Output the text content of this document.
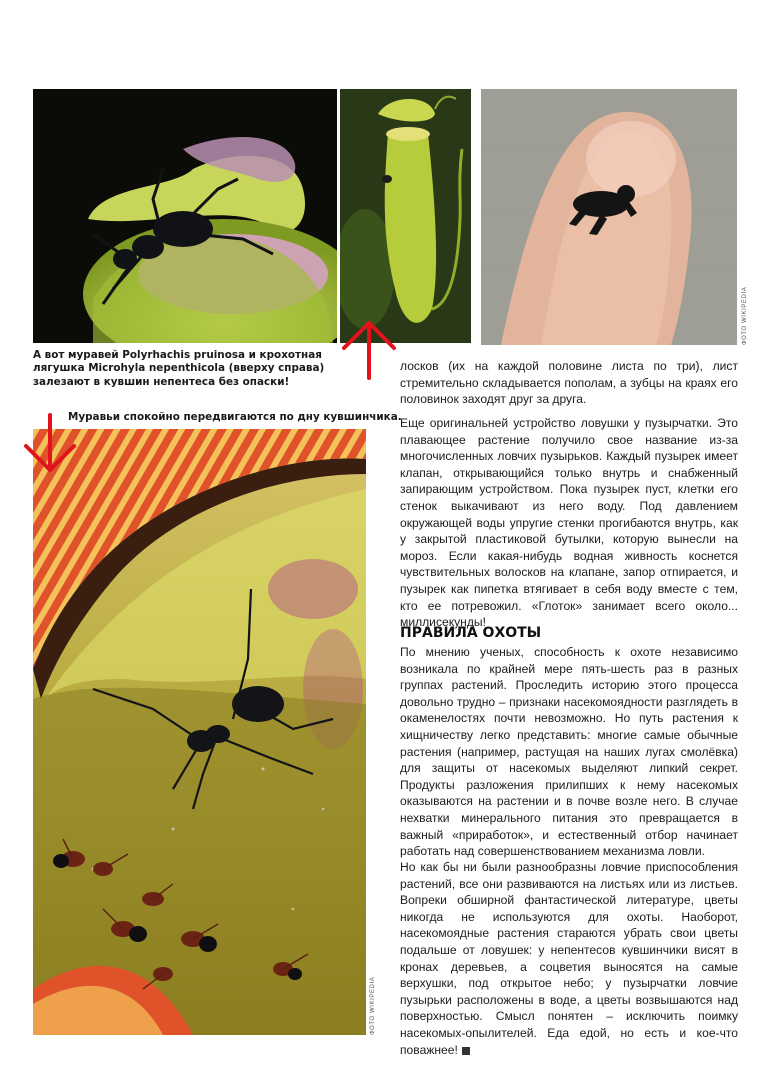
ФОТО WIKIPEDIA
А вот муравей Polyrhachis pruinosa и крохотная лягушка Microhyla nepenthicola (вверху справа) залезают в кувшин непентеса без опаски!
Муравьи спокойно передвигаются по дну кувшинчика.
ФОТО WIKIPEDIA

лосков (их на каждой половине листа по три), лист стремительно складывается пополам, а зубцы на краях его половинок заходят друг за друга.

Еще оригинальней устройство ловушки у пузырчатки. Это плавающее растение получило свое название из-за многочисленных ловчих пузырьков. Каждый пузырек имеет клапан, открывающийся только внутрь и снабженный запирающим устройством. Пока пузырек пуст, клетки его стенок выкачивают из него воду. Под давлением окружающей воды упругие стенки прогибаются внутрь, как у закрытой пластиковой бутылки, которую вынесли на мороз. Если какая-нибудь водная живность коснется чувствительных волосков на клапане, запор отпирается, и пузырек как пипетка втягивает в себя воду вместе с тем, кто ее потревожил. «Глоток» занимает всего около... миллисекунды!

ПРАВИЛА ОХОТЫ

По мнению ученых, способность к охоте независимо возникала по крайней мере пять-шесть раз в разных группах растений. Проследить историю этого процесса довольно трудно – признаки насекомоядности разглядеть в окаменелостях почти невозможно. Но путь растения к хищничеству легко представить: многие самые обычные растения (например, растущая на наших лугах смолёвка) для защиты от насекомых выделяют липкий секрет. Продукты разложения прилипших к нему насекомых оказываются на растении и в почве возле него. В случае нехватки минерального питания это превращается в важный «приработок», и естественный отбор начинает работать над совершенствованием механизма ловли.

Но как бы ни были разнообразны ловчие приспособления растений, все они развиваются на листьях или из листьев. Вопреки обширной фантастической литературе, цветы никогда не используются для охоты. Наоборот, насекомоядные растения стараются убрать свои цветы подальше от ловушек: у непентесов кувшинчики висят в кронах деревьев, а соцветия выносятся на самые верхушки, под открытое небо; у пузырчатки ловчие пузырьки расположены в воде, а цветы возвышаются над поверхностью. Смысл понятен – исключить поимку насекомых-опылителей. Еда едой, но есть и кое-что поважнее!
